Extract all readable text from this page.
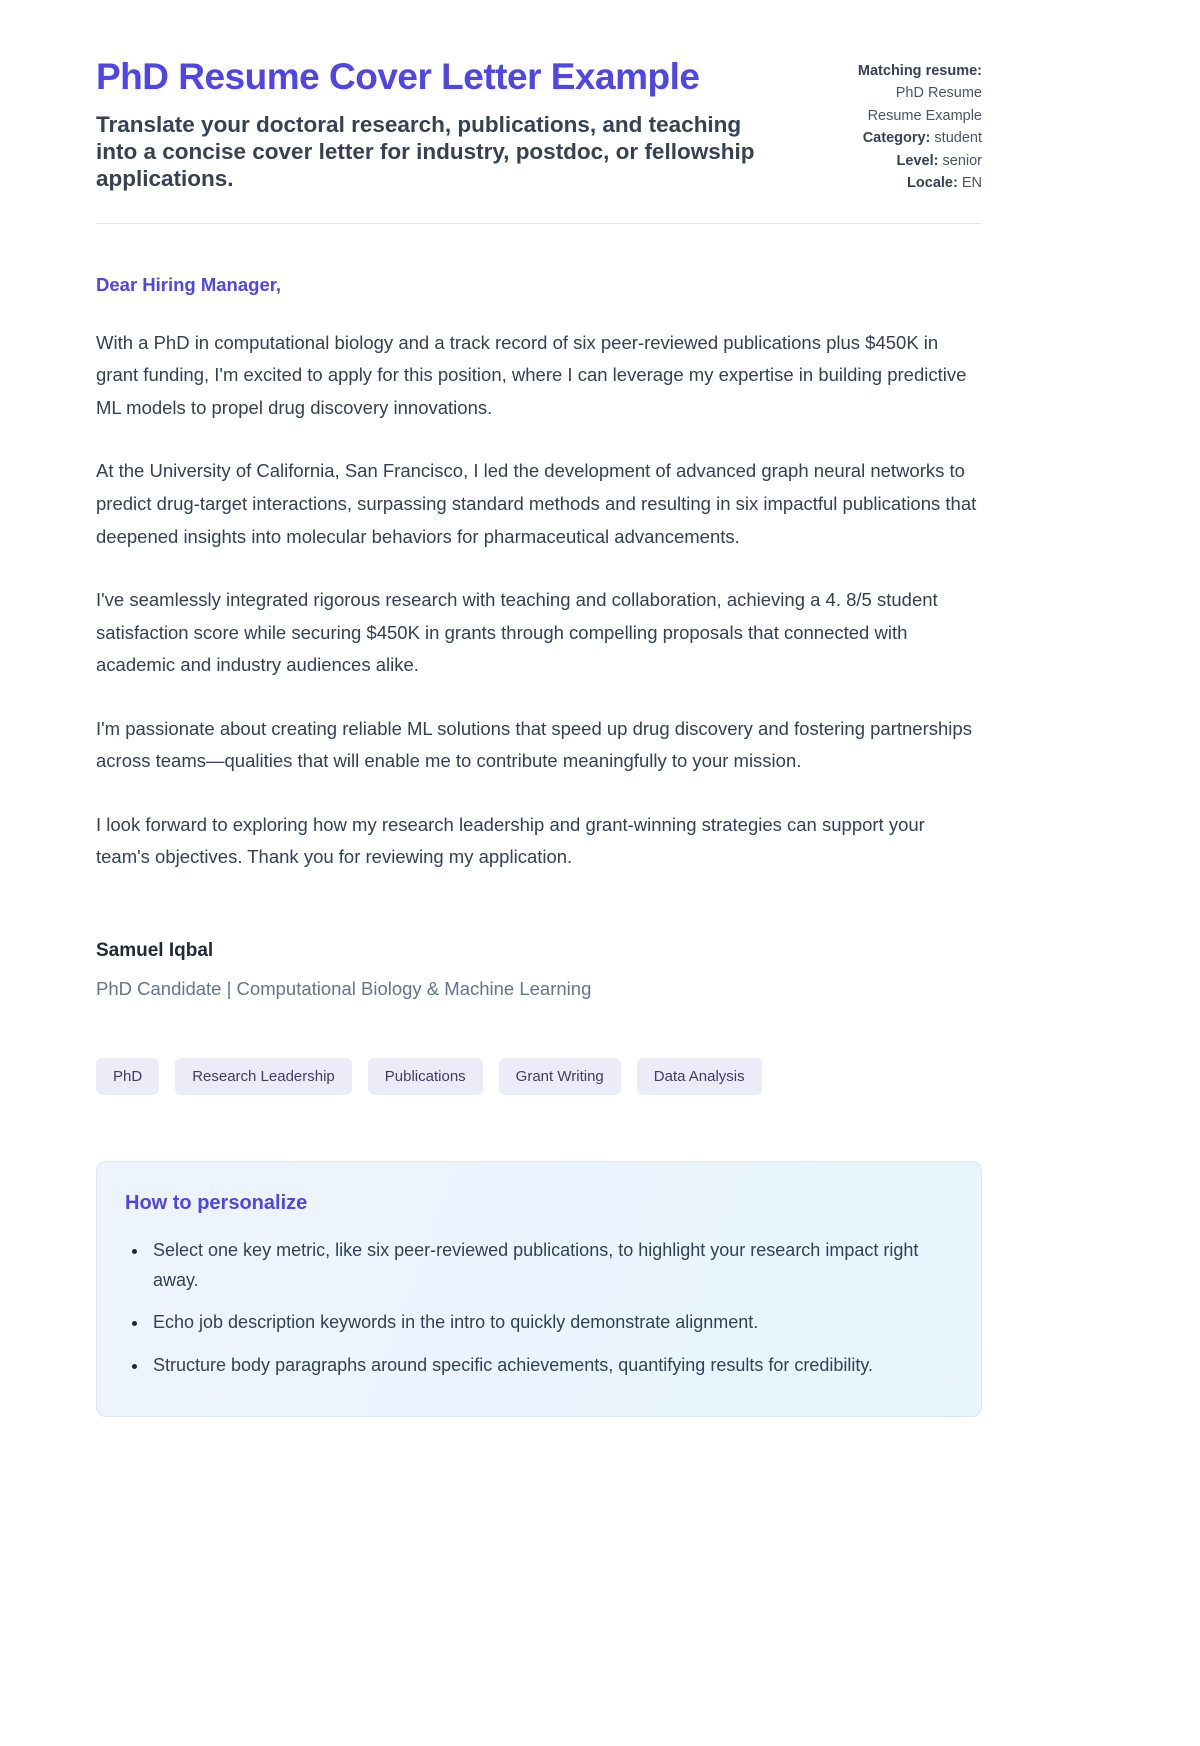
PhD Resume Cover Letter Example

Translate your doctoral research, publications, and teaching into a concise cover letter for industry, postdoc, or fellowship applications.

Matching resume:
PhD Resume Resume Example
Category: student
Level: senior
Locale: EN

Dear Hiring Manager,

With a PhD in computational biology and a track record of six peer-reviewed publications plus $450K in grant funding, I'm excited to apply for this position, where I can leverage my expertise in building predictive ML models to propel drug discovery innovations.

At the University of California, San Francisco, I led the development of advanced graph neural networks to predict drug-target interactions, surpassing standard methods and resulting in six impactful publications that deepened insights into molecular behaviors for pharmaceutical advancements.

I've seamlessly integrated rigorous research with teaching and collaboration, achieving a 4. 8/5 student satisfaction score while securing $450K in grants through compelling proposals that connected with academic and industry audiences alike.

I'm passionate about creating reliable ML solutions that speed up drug discovery and fostering partnerships across teams—qualities that will enable me to contribute meaningfully to your mission.

I look forward to exploring how my research leadership and grant-winning strategies can support your team's objectives. Thank you for reviewing my application.

Samuel Iqbal

PhD Candidate | Computational Biology & Machine Learning

PhD	Research Leadership	Publications	Grant Writing	Data Analysis
How to personalize
• Select one key metric, like six peer-reviewed publications, to highlight your research impact right away.
• Echo job description keywords in the intro to quickly demonstrate alignment.
• Structure body paragraphs around specific achievements, quantifying results for credibility.
